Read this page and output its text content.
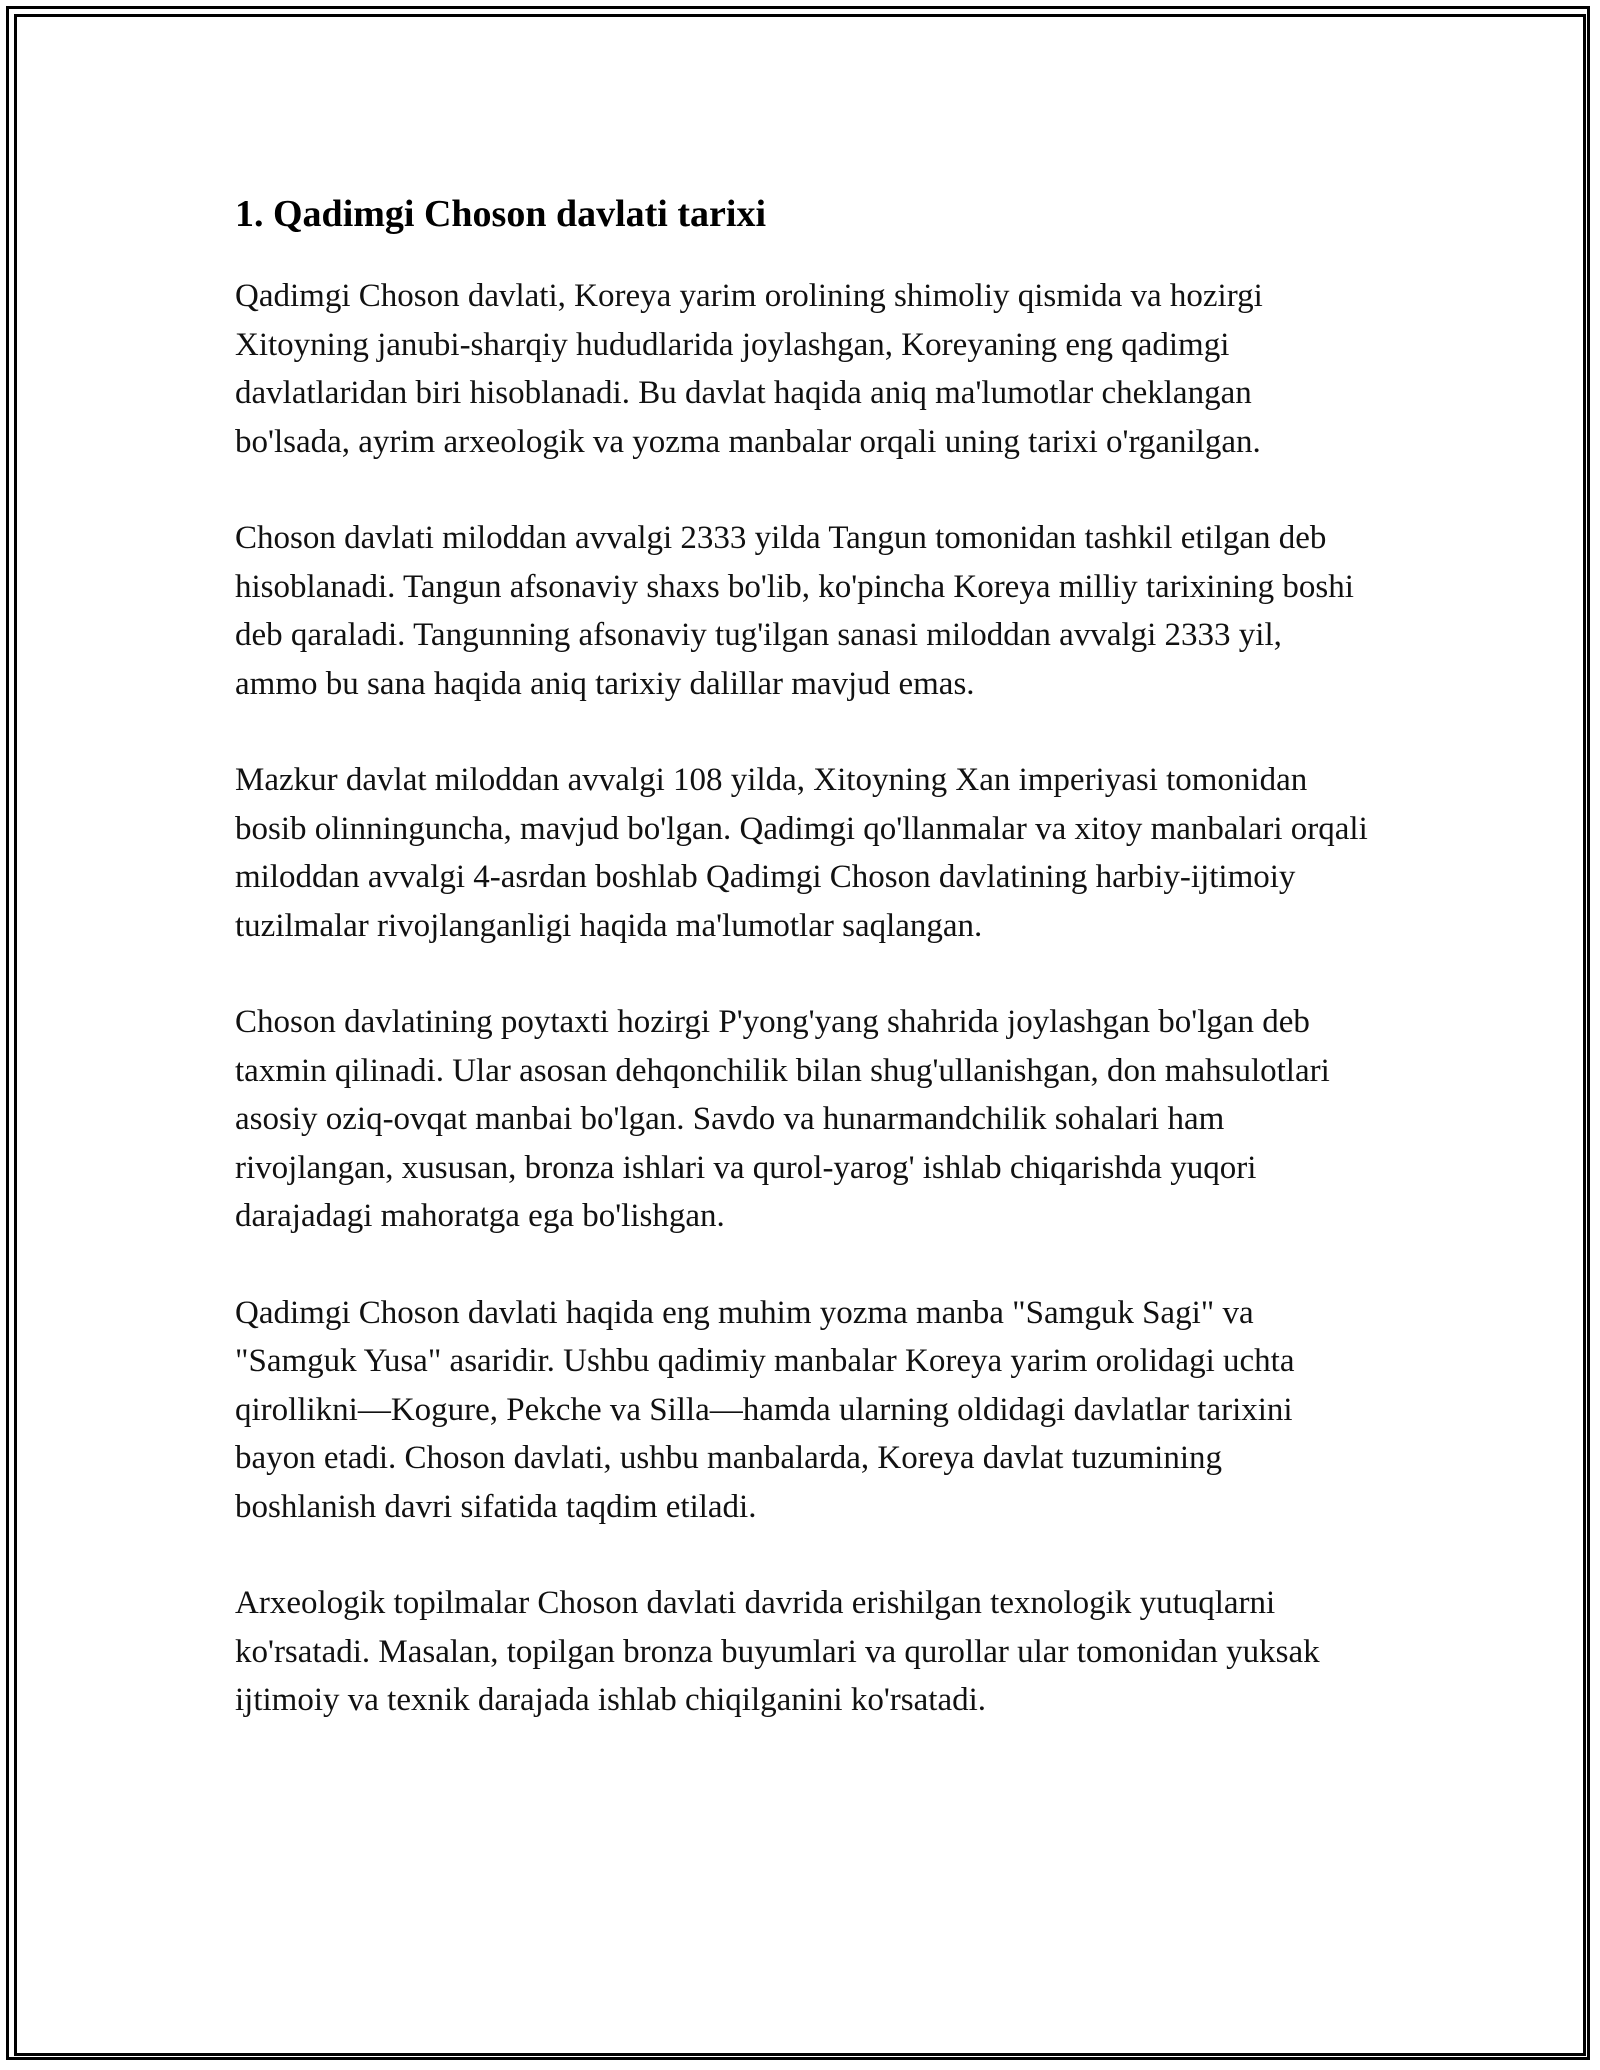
1. Qadimgi Choson davlati tarixi

Qadimgi Choson davlati, Koreya yarim orolining shimoliy qismida va hozirgi Xitoyning janubi-sharqiy hududlarida joylashgan, Koreyaning eng qadimgi davlatlaridan biri hisoblanadi. Bu davlat haqida aniq ma'lumotlar cheklangan bo'lsada, ayrim arxeologik va yozma manbalar orqali uning tarixi o'rganilgan.

Choson davlati miloddan avvalgi 2333 yilda Tangun tomonidan tashkil etilgan deb hisoblanadi. Tangun afsonaviy shaxs bo'lib, ko'pincha Koreya milliy tarixining boshi deb qaraladi. Tangunning afsonaviy tug'ilgan sanasi miloddan avvalgi 2333 yil, ammo bu sana haqida aniq tarixiy dalillar mavjud emas.

Mazkur davlat miloddan avvalgi 108 yilda, Xitoyning Xan imperiyasi tomonidan bosib olinninguncha, mavjud bo'lgan. Qadimgi qo'llanmalar va xitoy manbalari orqali miloddan avvalgi 4-asrdan boshlab Qadimgi Choson davlatining harbiy-ijtimoiy tuzilmalar rivojlanganligi haqida ma'lumotlar saqlangan.

Choson davlatining poytaxti hozirgi P'yong'yang shahrida joylashgan bo'lgan deb taxmin qilinadi. Ular asosan dehqonchilik bilan shug'ullanishgan, don mahsulotlari asosiy oziq-ovqat manbai bo'lgan. Savdo va hunarmandchilik sohalari ham rivojlangan, xususan, bronza ishlari va qurol-yarog' ishlab chiqarishda yuqori darajadagi mahoratga ega bo'lishgan.

Qadimgi Choson davlati haqida eng muhim yozma manba "Samguk Sagi" va "Samguk Yusa" asaridir. Ushbu qadimiy manbalar Koreya yarim orolidagi uchta qirollikni—Kogure, Pekche va Silla—hamda ularning oldidagi davlatlar tarixini bayon etadi. Choson davlati, ushbu manbalarda, Koreya davlat tuzumining boshlanish davri sifatida taqdim etiladi.

Arxeologik topilmalar Choson davlati davrida erishilgan texnologik yutuqlarni ko'rsatadi. Masalan, topilgan bronza buyumlari va qurollar ular tomonidan yuksak ijtimoiy va texnik darajada ishlab chiqilganini ko'rsatadi.
